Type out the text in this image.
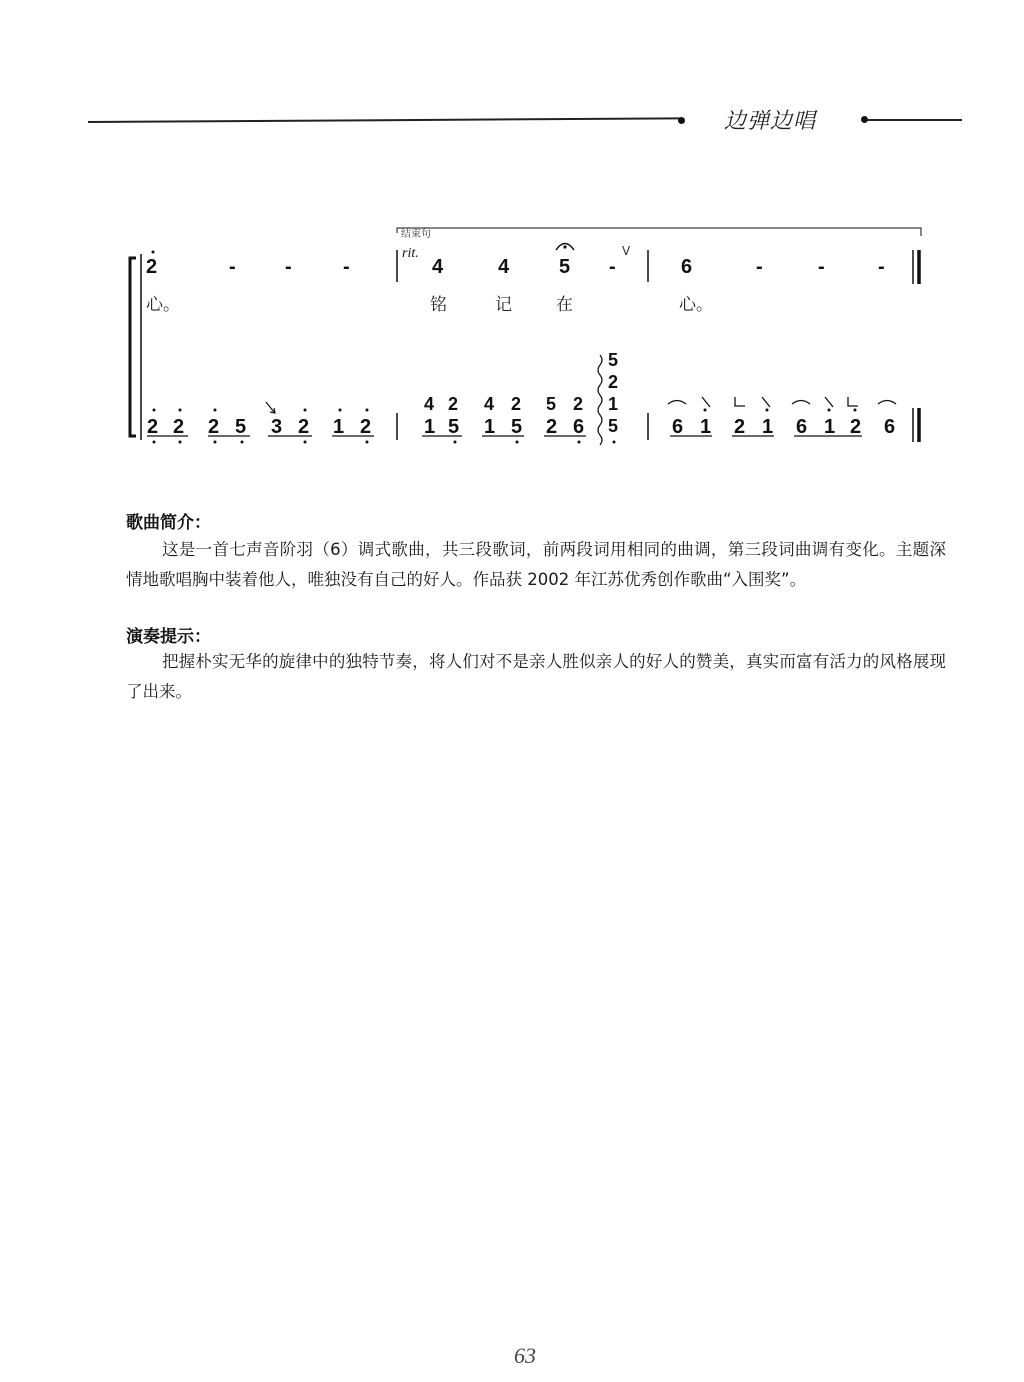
边弹边唱
结束句
rit.
2	- -	-	4	4 5 -
V
6	-	-	-
心。	铭	记	在	心。
4 2 4 2 5 2
5
2
1
5
2 2 2 5 3 2 1 2	1 5 1 5 2 6	6 1 2 1 6 1 2 6
歌曲简介：
这是一首七声音阶羽（6）调式歌曲，共三段歌词，前两段词用相同的曲调，第三段词曲调有变化。主题深情地歌唱胸中装着他人，唯独没有自己的好人。作品获 2002 年江苏优秀创作歌曲“入围奖”。
演奏提示：
把握朴实无华的旋律中的独特节奏，将人们对不是亲人胜似亲人的好人的赞美，真实而富有活力的风格展现了出来。
63
